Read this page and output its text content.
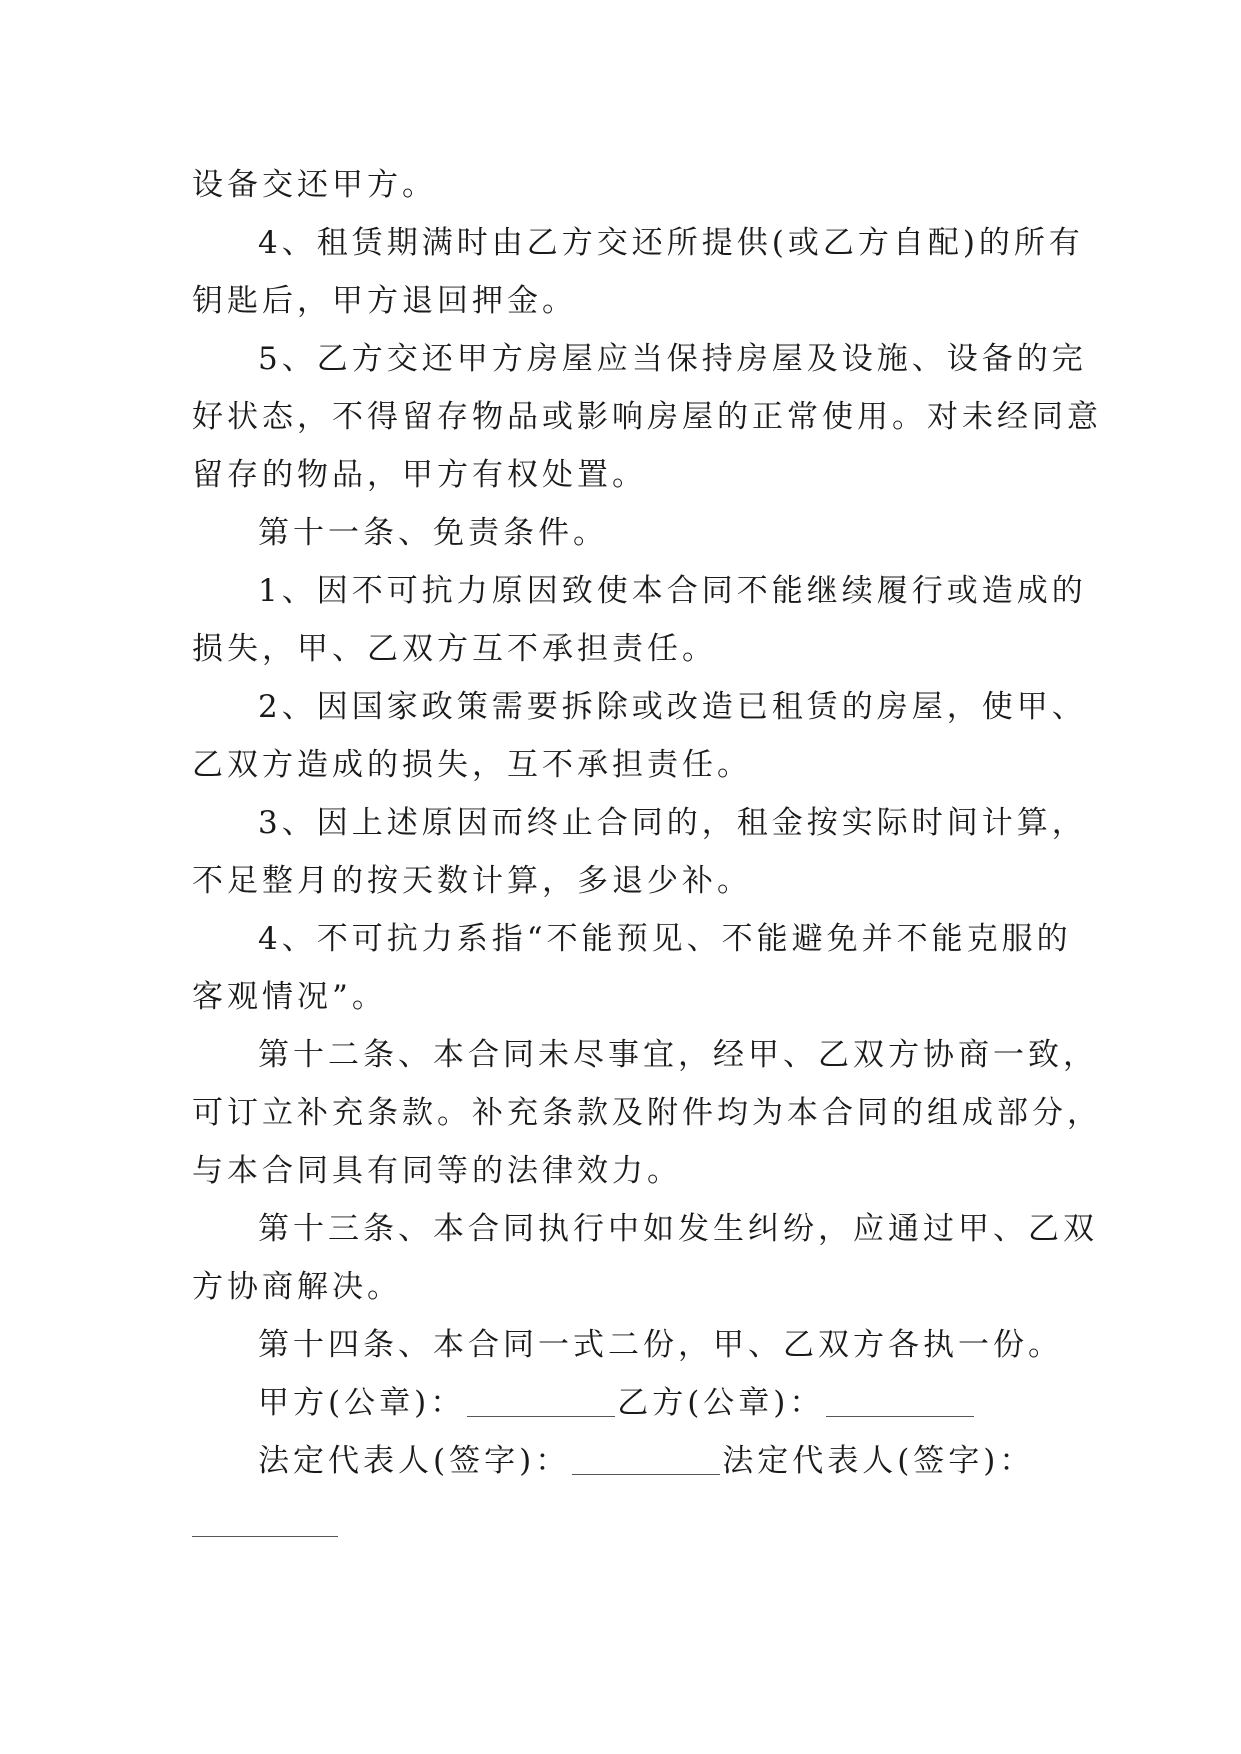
设备交还甲方。
4、租赁期满时由乙方交还所提供(或乙方自配)的所有
钥匙后，甲方退回押金。
5、乙方交还甲方房屋应当保持房屋及设施、设备的完
好状态，不得留存物品或影响房屋的正常使用。对未经同意
留存的物品，甲方有权处置。
第十一条、免责条件。
1、因不可抗力原因致使本合同不能继续履行或造成的
损失，甲、乙双方互不承担责任。
2、因国家政策需要拆除或改造已租赁的房屋，使甲、
乙双方造成的损失，互不承担责任。
3、因上述原因而终止合同的，租金按实际时间计算，
不足整月的按天数计算，多退少补。
4、不可抗力系指“不能预见、不能避免并不能克服的
客观情况”。
第十二条、本合同未尽事宜，经甲、乙双方协商一致，
可订立补充条款。补充条款及附件均为本合同的组成部分，
与本合同具有同等的法律效力。
第十三条、本合同执行中如发生纠纷，应通过甲、乙双
方协商解决。
第十四条、本合同一式二份，甲、乙双方各执一份。
甲方(公章)：	乙方(公章)：
法定代表人(签字)：	法定代表人(签字)：
